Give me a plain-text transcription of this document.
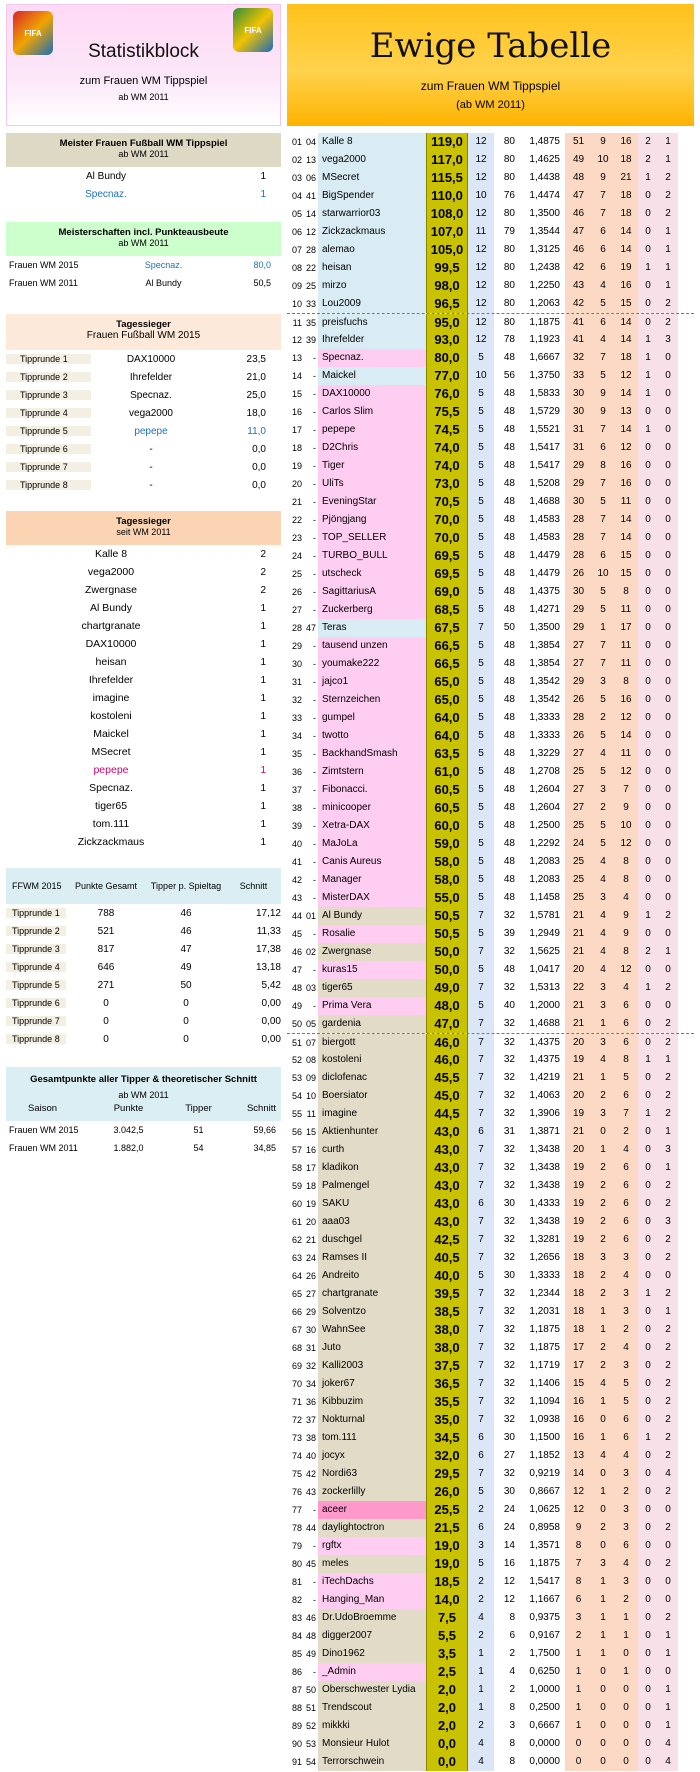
FIFA
Statistikblock
zum Frauen WM Tippspiel
ab WM 2011
FIFA	Ewige Tabelle
zum Frauen WM Tippspiel
(ab WM 2011)
Meister Frauen Fußball WM Tippspiel
ab WM 2011
Al Bundy	1
Specnaz.	1
Meisterschaften incl. Punkteausbeute
ab WM 2011
Frauen WM 2015	Specnaz.	80,0
Frauen WM 2011	Al Bundy	50,5
Tagessieger
Frauen Fußball WM 2015
Tipprunde 1	DAX10000	23,5
Tipprunde 2	Ihrefelder	21,0
Tipprunde 3	Specnaz.	25,0
Tipprunde 4	vega2000	18,0
Tipprunde 5	pepepe	11,0
Tipprunde 6	-	0,0
Tipprunde 7	-	0,0
Tipprunde 8	-	0,0
Tagessieger
seit WM 2011
Kalle 8	2
vega2000	2
Zwergnase	2
Al Bundy	1
chartgranate	1
DAX10000	1
heisan	1
Ihrefelder	1
imagine	1
kostoleni	1
Maickel	1
MSecret	1
pepepe	1
Specnaz.	1
tiger65	1
tom.111	1
Zickzackmaus	1
FFWM 2015	Punkte Gesamt	Tipper p. Spieltag	Schnitt
Tipprunde 1	788	46	17,12
Tipprunde 2	521	46	11,33
Tipprunde 3	817	47	17,38
Tipprunde 4	646	49	13,18
Tipprunde 5	271	50	5,42
Tipprunde 6	0	0	0,00
Tipprunde 7	0	0	0,00
Tipprunde 8	0	0	0,00
Gesamtpunkte aller Tipper & theoretischer Schnitt
ab WM 2011
Saison	Punkte	Tipper	Schnitt
Frauen WM 2015	3.042,5	51	59,66
Frauen WM 2011	1.882,0	54	34,85
01 04 Kalle 8	119,0	12	80	1,4875	51	9	16	2	1
02 13 vega2000	117,0	12	80	1,4625	49	10	18	2	1
03 06 MSecret	115,5	12	80	1,4438	48	9	21	1	2
04 41 BigSpender	110,0	10	76	1,4474	47	7	18	0	2
05 14 starwarrior03	108,0	12	80	1,3500	46	7	18	0	2
06 12 Zickzackmaus	107,0	11	79	1,3544	47	6	14	0	1
07 28 alemao	105,0	12	80	1,3125	46	6	14	0	1
08 22 heisan	99,5	12	80	1,2438	42	6	19	1	1
09 25 mirzo	98,0	12	80	1,2250	43	4	16	0	1
10 33 Lou2009	96,5	12	80	1,2063	42	5	15	0	2
11 35 preisfuchs	95,0	12	80	1,1875	41	6	14	0	2
12 39 Ihrefelder	93,0	12	78	1,1923	41	4	14	1	3
13	- Specnaz.	80,0	5	48	1,6667	32	7	18	1	0
14	- Maickel	77,0	10	56	1,3750	33	5	12	1	0
15	- DAX10000	76,0	5	48	1,5833	30	9	14	1	0
16	- Carlos Slim	75,5	5	48	1,5729	30	9	13	0	0
17	- pepepe	74,5	5	48	1,5521	31	7	14	1	0
18	- D2Chris	74,0	5	48	1,5417	31	6	12	0	0
19	- Tiger	74,0	5	48	1,5417	29	8	16	0	0
20	- UliTs	73,0	5	48	1,5208	29	7	16	0	0
21	- EveningStar	70,5	5	48	1,4688	30	5	11	0	0
22	- Pjöngjang	70,0	5	48	1,4583	28	7	14	0	0
23	- TOP_SELLER	70,0	5	48	1,4583	28	7	14	0	0
24	- TURBO_BULL	69,5	5	48	1,4479	28	6	15	0	0
25	- utscheck	69,5	5	48	1,4479	26	10	15	0	0
26	- SagittariusA	69,0	5	48	1,4375	30	5	8	0	0
27	- Zuckerberg	68,5	5	48	1,4271	29	5	11	0	0
28 47 Teras	67,5	7	50	1,3500	29	1	17	0	0
29	- tausend unzen	66,5	5	48	1,3854	27	7	11	0	0
30	- youmake222	66,5	5	48	1,3854	27	7	11	0	0
31	- jajco1	65,0	5	48	1,3542	29	3	8	0	0
32	- Sternzeichen	65,0	5	48	1,3542	26	5	16	0	0
33	- gumpel	64,0	5	48	1,3333	28	2	12	0	0
34	- twotto	64,0	5	48	1,3333	26	5	14	0	0
35	- BackhandSmash	63,5	5	48	1,3229	27	4	11	0	0
36	- Zimtstern	61,0	5	48	1,2708	25	5	12	0	0
37	- Fibonacci.	60,5	5	48	1,2604	27	3	7	0	0
38	- minicooper	60,5	5	48	1,2604	27	2	9	0	0
39	- Xetra-DAX	60,0	5	48	1,2500	25	5	10	0	0
40	- MaJoLa	59,0	5	48	1,2292	24	5	12	0	0
41	- Canis Aureus	58,0	5	48	1,2083	25	4	8	0	0
42	- Manager	58,0	5	48	1,2083	25	4	8	0	0
43	- MisterDAX	55,0	5	48	1,1458	25	3	4	0	0
44 01 Al Bundy	50,5	7	32	1,5781	21	4	9	1	2
45	- Rosalie	50,5	5	39	1,2949	21	4	9	0	0
46 02 Zwergnase	50,0	7	32	1,5625	21	4	8	2	1
47	- kuras15	50,0	5	48	1,0417	20	4	12	0	0
48 03 tiger65	49,0	7	32	1,5313	22	3	4	1	2
49	- Prima Vera	48,0	5	40	1,2000	21	3	6	0	0
50 05 gardenia	47,0	7	32	1,4688	21	1	6	0	2
51 07 biergott	46,0	7	32	1,4375	20	3	6	0	2
52 08 kostoleni	46,0	7	32	1,4375	19	4	8	1	1
53 09 diclofenac	45,5	7	32	1,4219	21	1	5	0	2
54 10 Boersiator	45,0	7	32	1,4063	20	2	6	0	2
55 11 imagine	44,5	7	32	1,3906	19	3	7	1	2
56 15 Aktienhunter	43,0	6	31	1,3871	21	0	2	0	1
57 16 curth	43,0	7	32	1,3438	20	1	4	0	3
58 17 kladikon	43,0	7	32	1,3438	19	2	6	0	1
59 18 Palmengel	43,0	7	32	1,3438	19	2	6	0	2
60 19 SAKU	43,0	6	30	1,4333	19	2	6	0	2
61 20 aaa03	43,0	7	32	1,3438	19	2	6	0	3
62 21 duschgel	42,5	7	32	1,3281	19	2	6	0	2
63 24 Ramses II	40,5	7	32	1,2656	18	3	3	0	2
64 26 Andreito	40,0	5	30	1,3333	18	2	4	0	0
65 27 chartgranate	39,5	7	32	1,2344	18	2	3	1	2
66 29 Solventzo	38,5	7	32	1,2031	18	1	3	0	1
67 30 WahnSee	38,0	7	32	1,1875	18	1	2	0	2
68 31 Juto	38,0	7	32	1,1875	17	2	4	0	2
69 32 Kalli2003	37,5	7	32	1,1719	17	2	3	0	2
70 34 joker67	36,5	7	32	1,1406	15	4	5	0	2
71 36 Kibbuzim	35,5	7	32	1,1094	16	1	5	0	2
72 37 Nokturnal	35,0	7	32	1,0938	16	0	6	0	2
73 38 tom.111	34,5	6	30	1,1500	16	1	6	1	2
74 40 jocyx	32,0	6	27	1,1852	13	4	4	0	2
75 42 Nordi63	29,5	7	32	0,9219	14	0	3	0	4
76 43 zockerlilly	26,0	5	30	0,8667	12	1	2	0	2
77	- aceer	25,5	2	24	1,0625	12	0	3	0	0
78 44 daylightoctron	21,5	6	24	0,8958	9	2	3	0	2
79	- rgftx	19,0	3	14	1,3571	8	0	6	0	0
80 45 meles	19,0	5	16	1,1875	7	3	4	0	2
81	- iTechDachs	18,5	2	12	1,5417	8	1	3	0	0
82	- Hanging_Man	14,0	2	12	1,1667	6	1	2	0	0
83 46 Dr.UdoBroemme	7,5	4	8	0,9375	3	1	1	0	2
84 48 digger2007	5,5	2	6	0,9167	2	1	1	0	1
85 49 Dino1962	3,5	1	2	1,7500	1	1	0	0	1
86	- _Admin	2,5	1	4	0,6250	1	0	1	0	0
87 50 Oberschwester Lydia	2,0	1	2	1,0000	1	0	0	0	1
88 51 Trendscout	2,0	1	8	0,2500	1	0	0	0	1
89 52 mikkki	2,0	2	3	0,6667	1	0	0	0	1
90 53 Monsieur Hulot	0,0	4	8	0,0000	0	0	0	0	4
91 54 Terrorschwein	0,0	4	8	0,0000	0	0	0	0	4
